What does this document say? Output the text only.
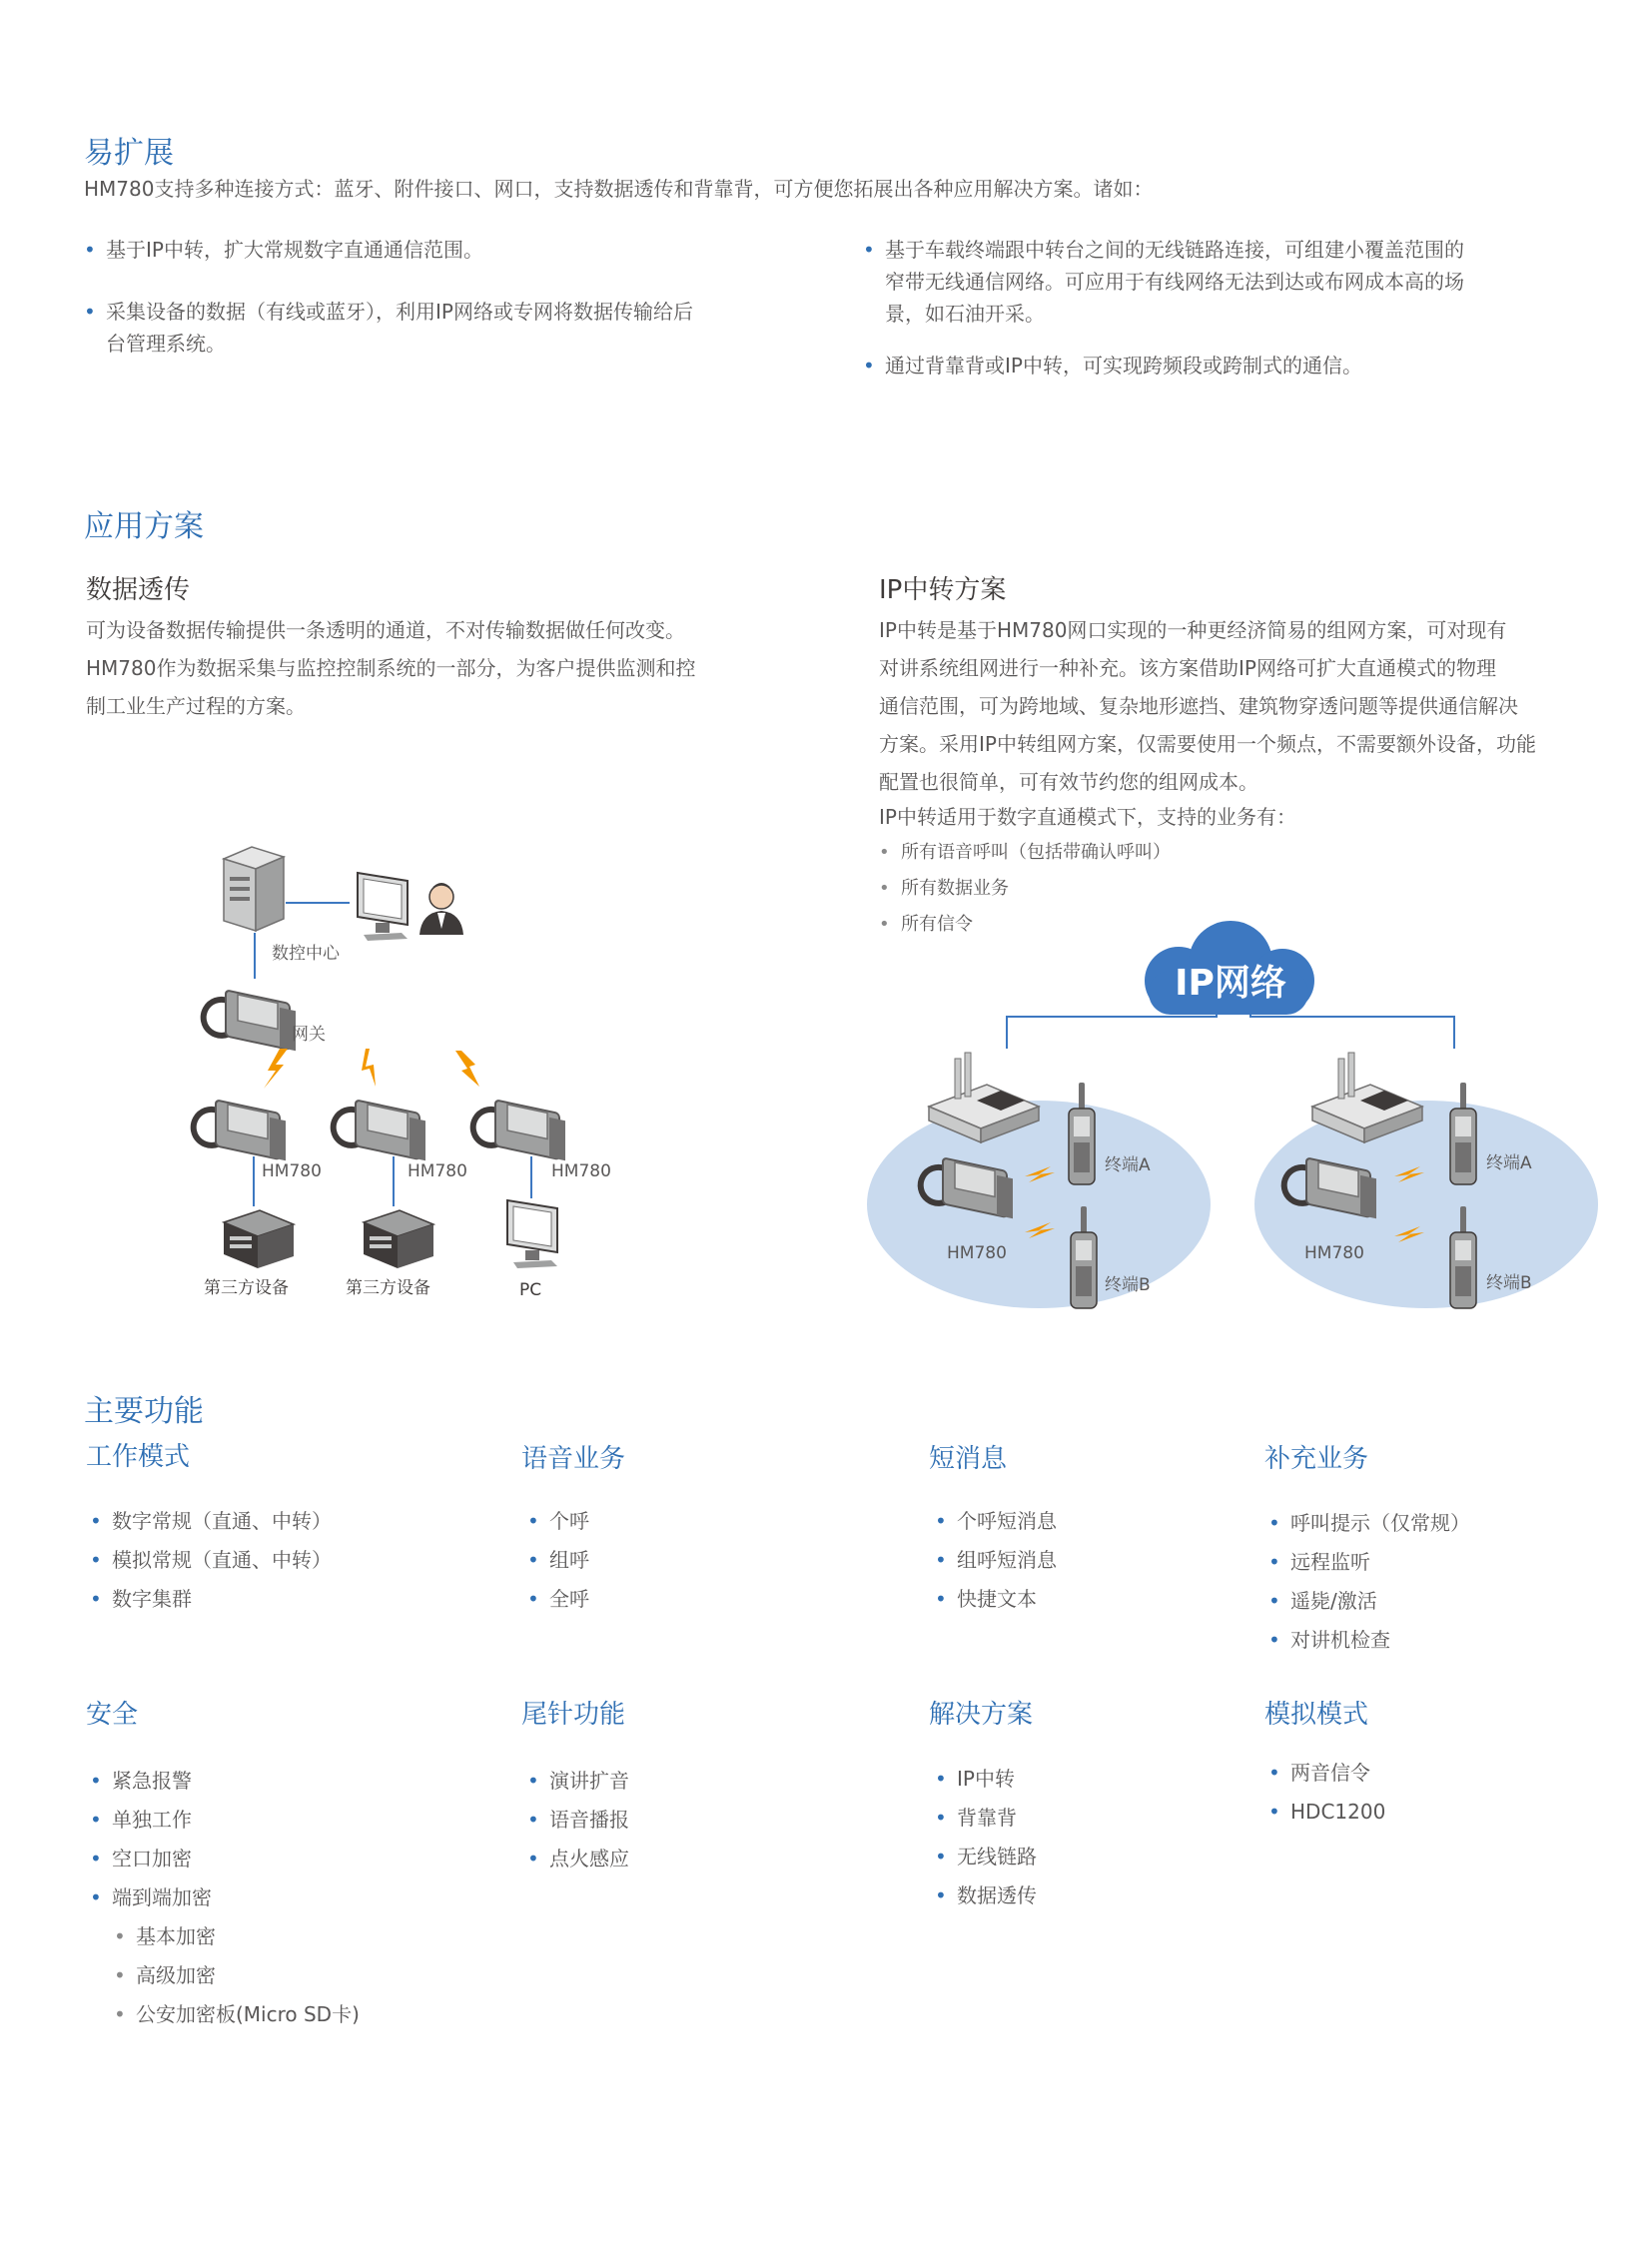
易扩展
HM780支持多种连接方式：蓝牙、附件接口、网口，支持数据透传和背靠背，可方便您拓展出各种应用解决方案。诸如：
• 基于IP中转，扩大常规数字直通通信范围。
• 采集设备的数据（有线或蓝牙），利用IP网络或专网将数据传输给后
台管理系统。
• 基于车载终端跟中转台之间的无线链路连接，可组建小覆盖范围的
窄带无线通信网络。可应用于有线网络无法到达或布网成本高的场
景，如石油开采。
• 通过背靠背或IP中转，可实现跨频段或跨制式的通信。
应用方案
数据透传
可为设备数据传输提供一条透明的通道，不对传输数据做任何改变。
HM780作为数据采集与监控控制系统的一部分，为客户提供监测和控
制工业生产过程的方案。
IP中转方案
IP中转是基于HM780网口实现的一种更经济简易的组网方案，可对现有
对讲系统组网进行一种补充。该方案借助IP网络可扩大直通模式的物理
通信范围，可为跨地域、复杂地形遮挡、建筑物穿透问题等提供通信解决
方案。采用IP中转组网方案，仅需要使用一个频点，不需要额外设备，功能
配置也很简单，可有效节约您的组网成本。
IP中转适用于数字直通模式下，支持的业务有：
• 所有语音呼叫（包括带确认呼叫）
• 所有数据业务
• 所有信令
数控中心
网关
HM780	HM780	HM780
第三方设备	第三方设备	PC
IP网络
终端A
HM780
终端B
终端A
HM780
终端B
主要功能
工作模式
• 数字常规（直通、中转）
• 模拟常规（直通、中转）
• 数字集群
语音业务
• 个呼
• 组呼
• 全呼
短消息
• 个呼短消息
• 组呼短消息
• 快捷文本
补充业务
• 呼叫提示（仅常规）
• 远程监听
• 遥毙/激活
• 对讲机检查
安全
• 紧急报警
• 单独工作
• 空口加密
• 端到端加密
• 基本加密
• 高级加密
• 公安加密板(Micro SD卡)
尾针功能
• 演讲扩音
• 语音播报
• 点火感应
解决方案
• IP中转
• 背靠背
• 无线链路
• 数据透传
模拟模式
• 两音信令
• HDC1200
